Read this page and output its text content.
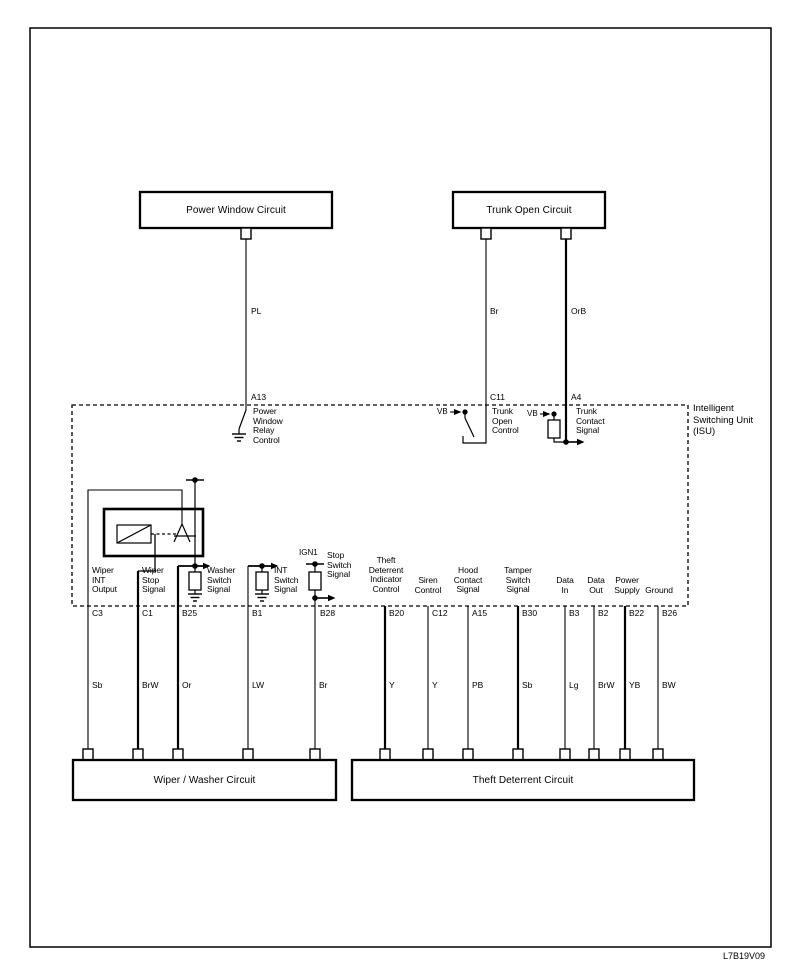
Power Window Circuit	Trunk Open Circuit
Wiper / Washer Circuit	Theft Deterrent Circuit
Intelligent Switching Unit (ISU)
PL	Br	OrB
A13	C11	A4
Power Window Relay Control
Trunk Open Control
Trunk Contact Signal
VB	VB
IGN1
Wiper INT Output
Wiper Stop Signal
Washer Switch Signal
INT Switch Signal
Stop Switch Signal
Theft Deterrent Indicator Control
Siren Control
Hood Contact Signal
Tamper Switch Signal
Data In
Data Out
Power Supply Ground
C3	C1	B25	B1	B28	B20	C12	A15	B30	B3 B2 B22 B26
Sb	BrW	Or	LW	Br	Y	Y	PB	Sb	Lg BrW YB	BW
L7B19V09
